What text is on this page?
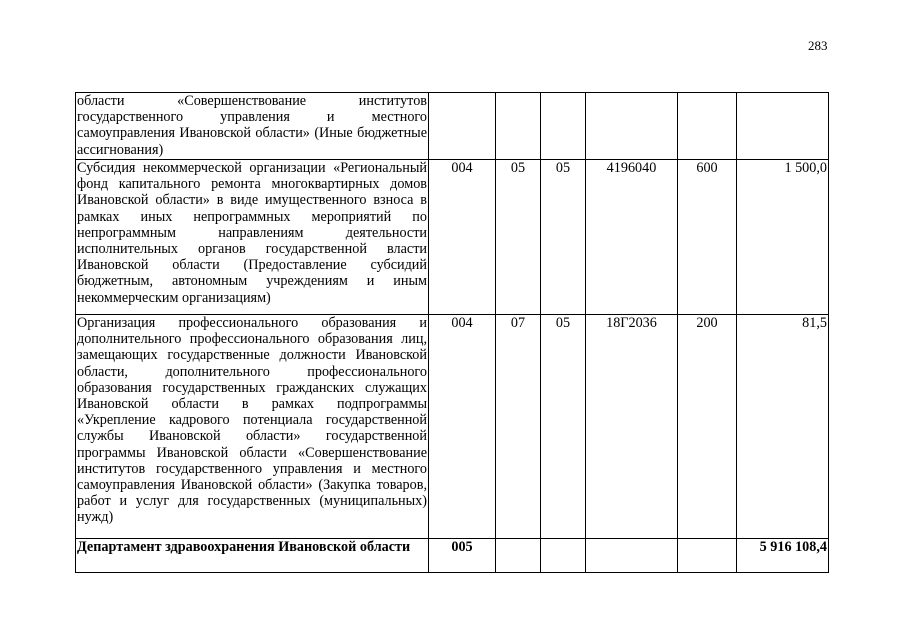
283
области «Совершенствование институтов государственного управления и местного самоуправления Ивановской области» (Иные бюджетные ассигнования)						
Субсидия некоммерческой организации «Региональный фонд капитального ремонта многоквартирных домов Ивановской области» в виде имущественного взноса в рамках иных непрограммных мероприятий по непрограммным направлениям деятельности исполнительных органов государственной власти Ивановской области (Предоставление субсидий бюджетным, автономным учреждениям и иным некоммерческим организациям)	004	05	05	4196040	600	1 500,0
Организация профессионального образования и дополнительного профессионального образования лиц, замещающих государственные должности Ивановской области, дополнительного профессионального образования государственных гражданских служащих Ивановской области в рамках подпрограммы «Укрепление кадрового потенциала государственной службы Ивановской области» государственной программы Ивановской области «Совершенствование институтов государственного управления и местного самоуправления Ивановской области» (Закупка товаров, работ и услуг для государственных (муниципальных) нужд)	004	07	05	18Г2036	200	81,5
Департамент здравоохранения Ивановской области	005					5 916 108,4
